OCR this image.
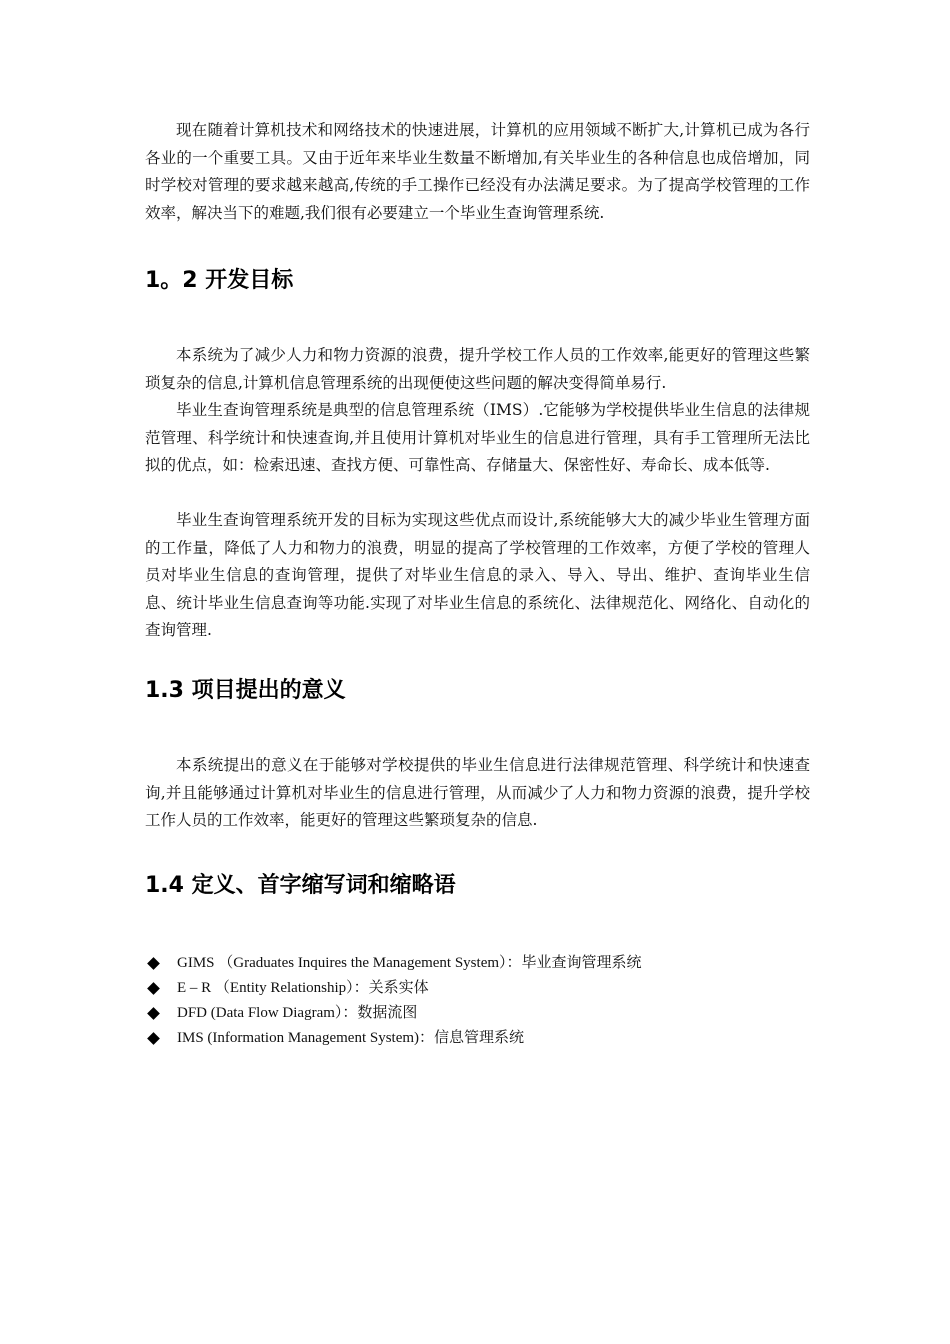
现在随着计算机技术和网络技术的快速进展，计算机的应用领域不断扩大,计算机已成为各行各业的一个重要工具。又由于近年来毕业生数量不断增加,有关毕业生的各种信息也成倍增加，同时学校对管理的要求越来越高,传统的手工操作已经没有办法满足要求。为了提高学校管理的工作效率，解决当下的难题,我们很有必要建立一个毕业生查询管理系统.

1。2 开发目标

本系统为了减少人力和物力资源的浪费，提升学校工作人员的工作效率,能更好的管理这些繁琐复杂的信息,计算机信息管理系统的出现便使这些问题的解决变得简单易行.

毕业生查询管理系统是典型的信息管理系统（IMS）.它能够为学校提供毕业生信息的法律规范管理、科学统计和快速查询,并且使用计算机对毕业生的信息进行管理，具有手工管理所无法比拟的优点，如：检索迅速、查找方便、可靠性高、存储量大、保密性好、寿命长、成本低等.

毕业生查询管理系统开发的目标为实现这些优点而设计,系统能够大大的减少毕业生管理方面的工作量，降低了人力和物力的浪费，明显的提高了学校管理的工作效率，方便了学校的管理人员对毕业生信息的查询管理，提供了对毕业生信息的录入、导入、导出、维护、查询毕业生信息、统计毕业生信息查询等功能.实现了对毕业生信息的系统化、法律规范化、网络化、自动化的查询管理.

1.3 项目提出的意义

本系统提出的意义在于能够对学校提供的毕业生信息进行法律规范管理、科学统计和快速查询,并且能够通过计算机对毕业生的信息进行管理，从而减少了人力和物力资源的浪费，提升学校工作人员的工作效率，能更好的管理这些繁琐复杂的信息.

1.4 定义、首字缩写词和缩略语
GIMS （Graduates Inquires the Management System）：毕业查询管理系统
E – R （Entity Relationship）：关系实体
DFD (Data Flow Diagram）：数据流图
IMS (Information Management System)：信息管理系统
